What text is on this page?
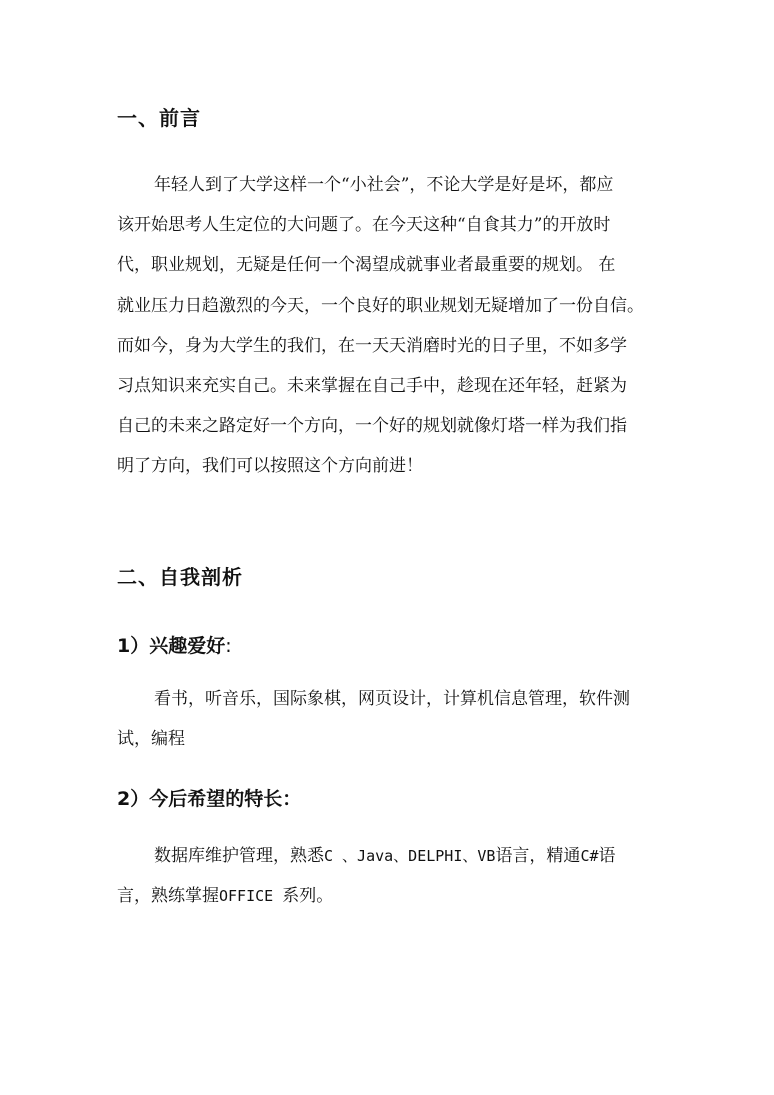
一、前言
年轻人到了大学这样一个“小社会”，不论大学是好是坏，都应
该开始思考人生定位的大问题了。在今天这种“自食其力”的开放时
代，职业规划，无疑是任何一个渴望成就事业者最重要的规划。 在
就业压力日趋激烈的今天，一个良好的职业规划无疑增加了一份自信。
而如今，身为大学生的我们，在一天天消磨时光的日子里，不如多学
习点知识来充实自己。未来掌握在自己手中，趁现在还年轻，赶紧为
自己的未来之路定好一个方向，一个好的规划就像灯塔一样为我们指
明了方向，我们可以按照这个方向前进！
二、自我剖析
1）兴趣爱好:
看书，听音乐，国际象棋，网页设计，计算机信息管理，软件测
试，编程
2）今后希望的特长：
数据库维护管理，熟悉C 、Java、DELPHI、VB语言，精通C#语
言，熟练掌握OFFICE 系列。
